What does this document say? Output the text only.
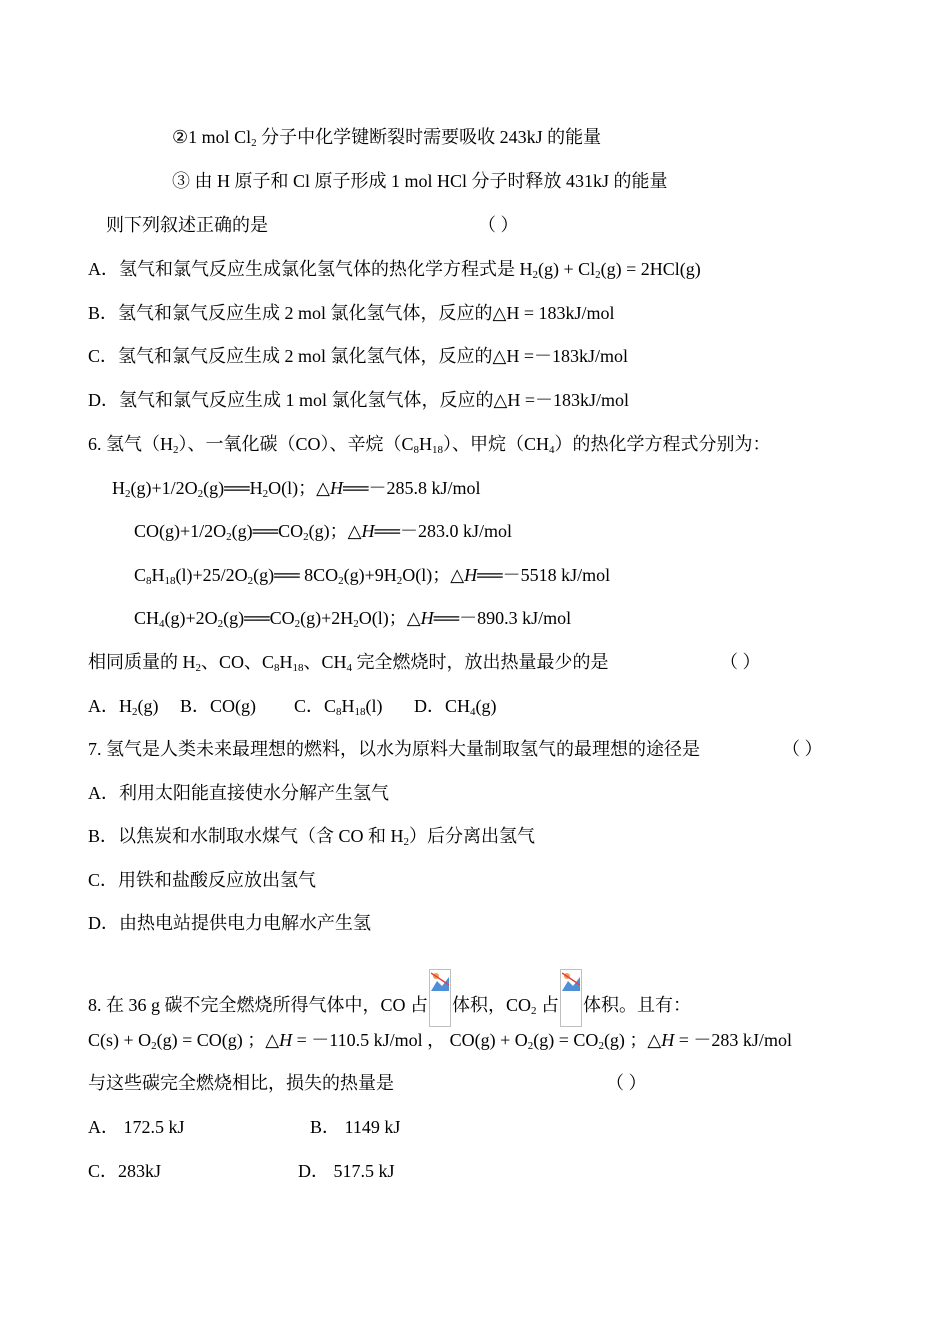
②1 mol $Cl_2$ 分子中化学键断裂时需要吸收 243kJ 的能量
③ 由 H 原子和 Cl 原子形成 1 mol HCl 分子时释放 431kJ 的能量
则下列叙述正确的是	（ ）
A．氢气和氯气反应生成氯化氢气体的热化学方程式是 $H_2(g) + Cl_2(g) = 2HCl(g)$
B．氢气和氯气反应生成 2 mol 氯化氢气体，反应的△H = 183kJ/mol
C．氢气和氯气反应生成 2 mol 氯化氢气体，反应的△H =－183kJ/mol
D．氢气和氯气反应生成 1 mol 氯化氢气体，反应的△H =－183kJ/mol
6. 氢气$(H_2)$、一氧化碳（CO）、辛烷$(C_8H_{18})$、甲烷$(CH_4)$的热化学方程式分别为：
$H_2(g)+1/2O_2(g)══H_2O(l)$；△H══－285.8 kJ/mol
$CO(g)+1/2O_2(g)══CO_2(g)$；△H══－283.0 kJ/mol
$C_8H_{18}(l)+25/2O_2(g)══$ $8CO_2(g)+9H_2O(l)$；△H══－5518 kJ/mol
$CH_4(g)+2O_2(g)══CO_2(g)+2H_2O(l)$；△H══－890.3 kJ/mol
相同质量的 $H_2$、CO、$C_8H_{18}$、$CH_4$ 完全燃烧时，放出热量最少的是	（ ）
A．$H_2(g)$ B．CO(g) C．$C_8H_{18}(l)$ D．$CH_4(g)$
7. 氢气是人类未来最理想的燃料，以水为原料大量制取氢气的最理想的途径是	（ ）
A．利用太阳能直接使水分解产生氢气
B．以焦炭和水制取水煤气（含 CO 和 $H_2$）后分离出氢气
C．用铁和盐酸反应放出氢气
D．由热电站提供电力电解水产生氢
8. 在 36 g 碳不完全燃烧所得气体中，CO 占 体积，$CO_2$ 占 体积。且有：
$C(s) + O_2(g) = CO(g)$ ；△H = －110.5 kJ/mol ， $CO(g) + O_2(g) = CO_2(g)$ ；△H = －283 kJ/mol
与这些碳完全燃烧相比，损失的热量是	（ ）
A． 172.5 kJ	B． 1149 kJ
C．283kJ	D． 517.5 kJ
